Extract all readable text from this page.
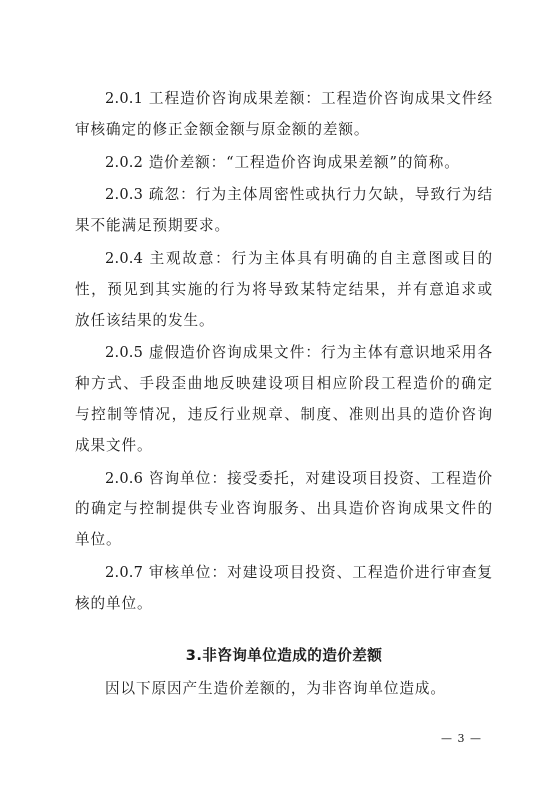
2.0.1 工程造价咨询成果差额：工程造价咨询成果文件经审核确定的修正金额金额与原金额的差额。

2.0.2 造价差额：“工程造价咨询成果差额”的简称。

2.0.3 疏忽：行为主体周密性或执行力欠缺，导致行为结果不能满足预期要求。

2.0.4 主观故意：行为主体具有明确的自主意图或目的性，预见到其实施的行为将导致某特定结果，并有意追求或放任该结果的发生。

2.0.5 虚假造价咨询成果文件：行为主体有意识地采用各种方式、手段歪曲地反映建设项目相应阶段工程造价的确定与控制等情况，违反行业规章、制度、准则出具的造价咨询成果文件。

2.0.6 咨询单位：接受委托，对建设项目投资、工程造价的确定与控制提供专业咨询服务、出具造价咨询成果文件的单位。

2.0.7 审核单位：对建设项目投资、工程造价进行审查复核的单位。

3.非咨询单位造成的造价差额
因以下原因产生造价差额的，为非咨询单位造成。
— 3 —
